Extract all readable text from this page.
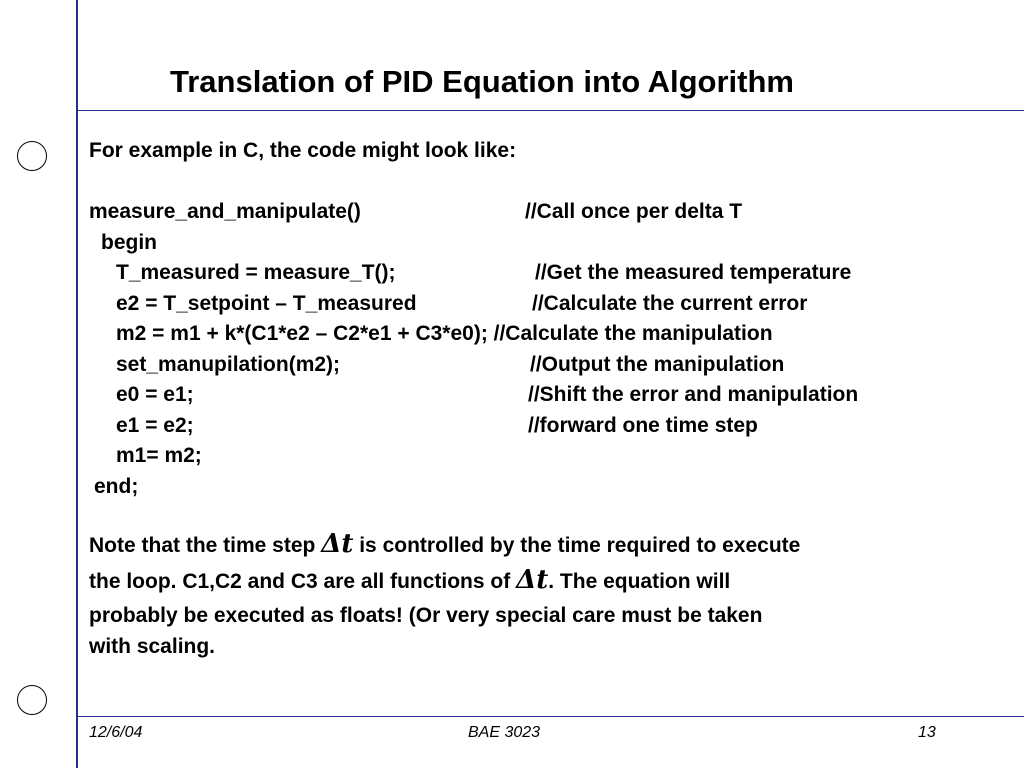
Translation of PID Equation into Algorithm
For example in C, the code might look like:
measure_and_manipulate()	//Call once per delta T
begin
T_measured = measure_T();	//Get the measured temperature
e2 = T_setpoint – T_measured	//Calculate the current error
m2 = m1 + k*(C1*e2 – C2*e1 + C3*e0); //Calculate the manipulation
set_manupilation(m2);	//Output the manipulation
e0 = e1;	//Shift the error and manipulation
e1 = e2;	//forward one time step
m1= m2;
end;
Note that the time step Δt is controlled by the time required to execute
the loop. C1,C2 and C3 are all functions of Δt. The equation will
probably be executed as floats! (Or very special care must be taken
with scaling.
12/6/04	BAE 3023	13
